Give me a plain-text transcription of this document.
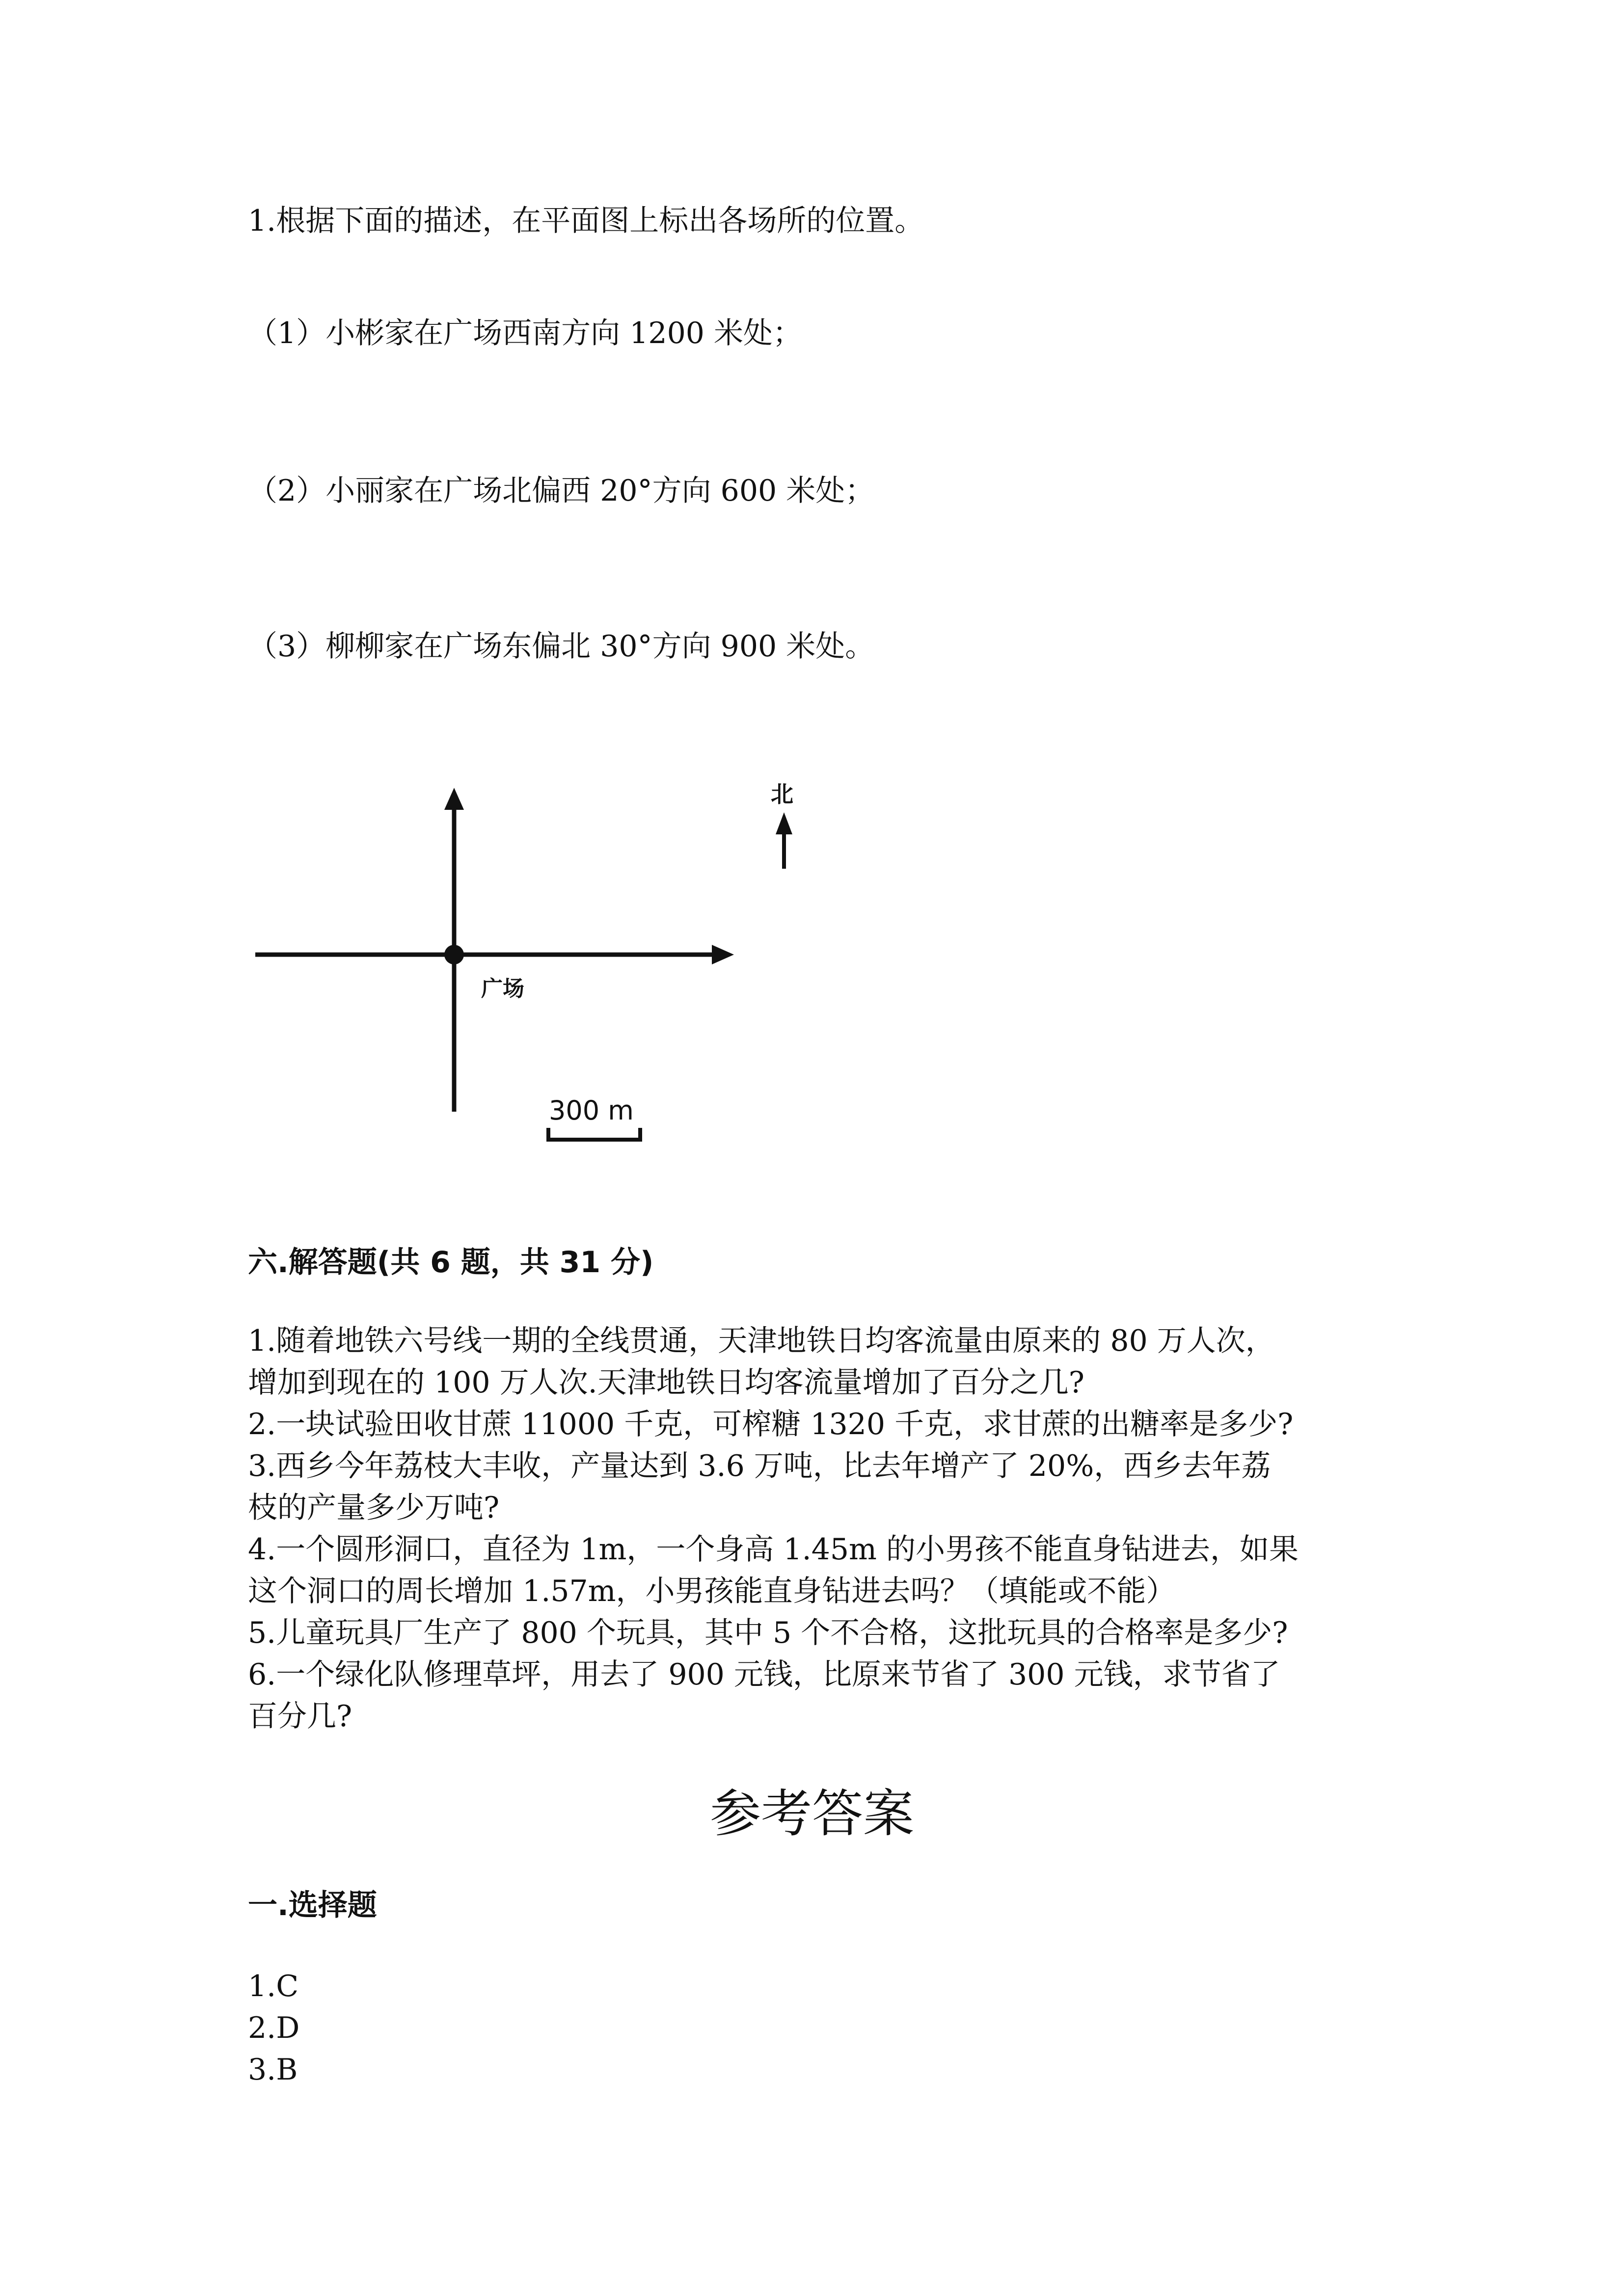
1.根据下面的描述，在平面图上标出各场所的位置。
（1）小彬家在广场西南方向 1200 米处；
（2）小丽家在广场北偏西 20°方向 600 米处；
（3）柳柳家在广场东偏北 30°方向 900 米处。
北
广场
300 m
六.解答题(共 6 题，共 31 分)
1.随着地铁六号线一期的全线贯通，天津地铁日均客流量由原来的 80 万人次，
增加到现在的 100 万人次.天津地铁日均客流量增加了百分之几?
2.一块试验田收甘蔗 11000 千克，可榨糖 1320 千克，求甘蔗的出糖率是多少?
3.西乡今年荔枝大丰收，产量达到 3.6 万吨，比去年增产了 20%，西乡去年荔
枝的产量多少万吨?
4.一个圆形洞口，直径为 1m，一个身高 1.45m 的小男孩不能直身钻进去，如果
这个洞口的周长增加 1.57m，小男孩能直身钻进去吗？（填能或不能）
5.儿童玩具厂生产了 800 个玩具，其中 5 个不合格，这批玩具的合格率是多少?
6.一个绿化队修理草坪，用去了 900 元钱，比原来节省了 300 元钱，求节省了
百分几?
参考答案
一.选择题
1.C
2.D
3.B
